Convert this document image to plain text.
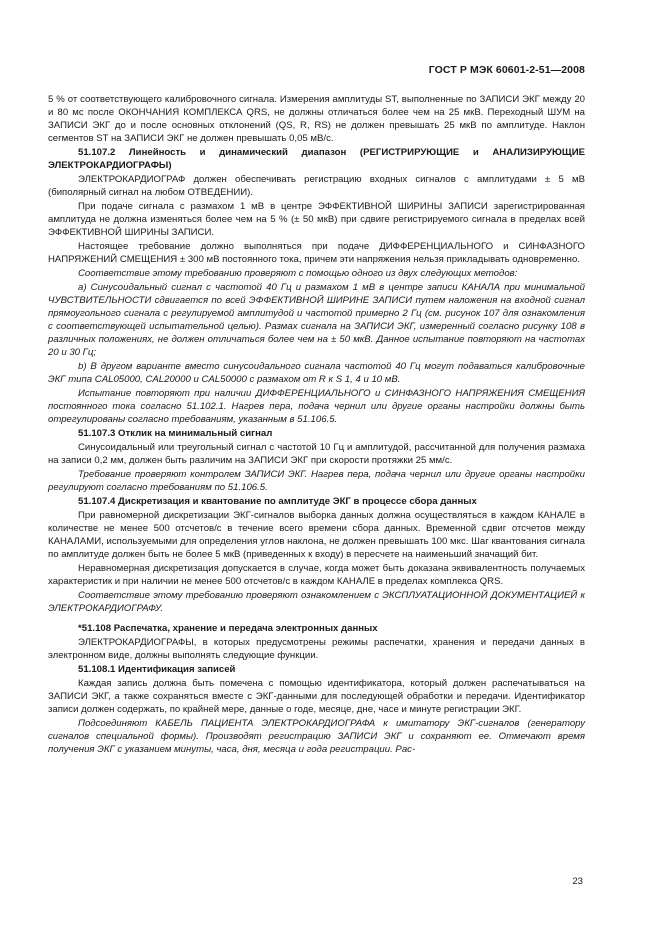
ГОСТ Р МЭК 60601-2-51—2008

5 % от соответствующего калибровочного сигнала. Измерения амплитуды ST, выполненные по ЗАПИСИ ЭКГ между 20 и 80 мс после ОКОНЧАНИЯ КОМПЛЕКСА QRS, не должны отличаться более чем на 25 мкВ. Переходный ШУМ на ЗАПИСИ ЭКГ до и после основных отклонений (QS, R, RS) не должен превышать 25 мкВ по амплитуде. Наклон сегментов ST на ЗАПИСИ ЭКГ не должен превышать 0,05 мВ/с.

51.107.2 Линейность и динамический диапазон (РЕГИСТРИРУЮЩИЕ и АНАЛИЗИРУЮЩИЕ ЭЛЕКТРОКАРДИОГРАФЫ)

ЭЛЕКТРОКАРДИОГРАФ должен обеспечивать регистрацию входных сигналов с амплитудами ± 5 мВ (биполярный сигнал на любом ОТВЕДЕНИИ).

При подаче сигнала с размахом 1 мВ в центре ЭФФЕКТИВНОЙ ШИРИНЫ ЗАПИСИ зарегистрированная амплитуда не должна изменяться более чем на 5 % (± 50 мкВ) при сдвиге регистрируемого сигнала в пределах всей ЭФФЕКТИВНОЙ ШИРИНЫ ЗАПИСИ.

Настоящее требование должно выполняться при подаче ДИФФЕРЕНЦИАЛЬНОГО и СИНФАЗНОГО НАПРЯЖЕНИЙ СМЕЩЕНИЯ ± 300 мВ постоянного тока, причем эти напряжения нельзя прикладывать одновременно.

Соответствие этому требованию проверяют с помощью одного из двух следующих методов:

а) Синусоидальный сигнал с частотой 40 Гц и размахом 1 мВ в центре записи КАНАЛА при минимальной ЧУВСТВИТЕЛЬНОСТИ сдвигается по всей ЭФФЕКТИВНОЙ ШИРИНЕ ЗАПИСИ путем наложения на входной сигнал прямоугольного сигнала с регулируемой амплитудой и частотой примерно 2 Гц (см. рисунок 107 для ознакомления с соответствующей испытательной целью). Размах сигнала на ЗАПИСИ ЭКГ, измеренный согласно рисунку 108 в различных положениях, не должен отличаться более чем на ± 50 мкВ. Данное испытание повторяют на частотах 20 и 30 Гц;

b) В другом варианте вместо синусоидального сигнала частотой 40 Гц могут подаваться калибровочные ЭКГ типа CAL05000, CAL20000 и CAL50000 с размахом от R к S 1, 4 и 10 мВ.

Испытание повторяют при наличии ДИФФЕРЕНЦИАЛЬНОГО и СИНФАЗНОГО НАПРЯЖЕНИЯ СМЕЩЕНИЯ постоянного тока согласно 51.102.1. Нагрев пера, подача чернил или другие органы настройки должны быть отрегулированы согласно требованиям, указанным в 51.106.5.

51.107.3 Отклик на минимальный сигнал

Синусоидальный или треугольный сигнал с частотой 10 Гц и амплитудой, рассчитанной для получения размаха на записи 0,2 мм, должен быть различим на ЗАПИСИ ЭКГ при скорости протяжки 25 мм/с.

Требование проверяют контролем ЗАПИСИ ЭКГ. Нагрев пера, подача чернил или другие органы настройки регулируют согласно требованиям по 51.106.5.

51.107.4 Дискретизация и квантование по амплитуде ЭКГ в процессе сбора данных

При равномерной дискретизации ЭКГ-сигналов выборка данных должна осуществляться в каждом КАНАЛЕ в количестве не менее 500 отсчетов/с в течение всего времени сбора данных. Временной сдвиг отсчетов между КАНАЛАМИ, используемыми для определения углов наклона, не должен превышать 100 мкс. Шаг квантования сигнала по амплитуде должен быть не более 5 мкВ (приведенных к входу) в пересчете на наименьший значащий бит.

Неравномерная дискретизация допускается в случае, когда может быть доказана эквивалентность получаемых характеристик и при наличии не менее 500 отсчетов/с в каждом КАНАЛЕ в пределах комплекса QRS.

Соответствие этому требованию проверяют ознакомлением с ЭКСПЛУАТАЦИОННОЙ ДОКУМЕНТАЦИЕЙ к ЭЛЕКТРОКАРДИОГРАФУ.

*51.108 Распечатка, хранение и передача электронных данных

ЭЛЕКТРОКАРДИОГРАФЫ, в которых предусмотрены режимы распечатки, хранения и передачи данных в электронном виде, должны выполнять следующие функции.

51.108.1 Идентификация записей

Каждая запись должна быть помечена с помощью идентификатора, который должен распечатываться на ЗАПИСИ ЭКГ, а также сохраняться вместе с ЭКГ-данными для последующей обработки и передачи. Идентификатор записи должен содержать, по крайней мере, данные о годе, месяце, дне, часе и минуте регистрации ЭКГ.

Подсоединяют КАБЕЛЬ ПАЦИЕНТА ЭЛЕКТРОКАРДИОГРАФА к имитатору ЭКГ-сигналов (генератору сигналов специальной формы). Производят регистрацию ЗАПИСИ ЭКГ и сохраняют ее. Отмечают время получения ЭКГ с указанием минуты, часа, дня, месяца и года регистрации. Рас-

23
